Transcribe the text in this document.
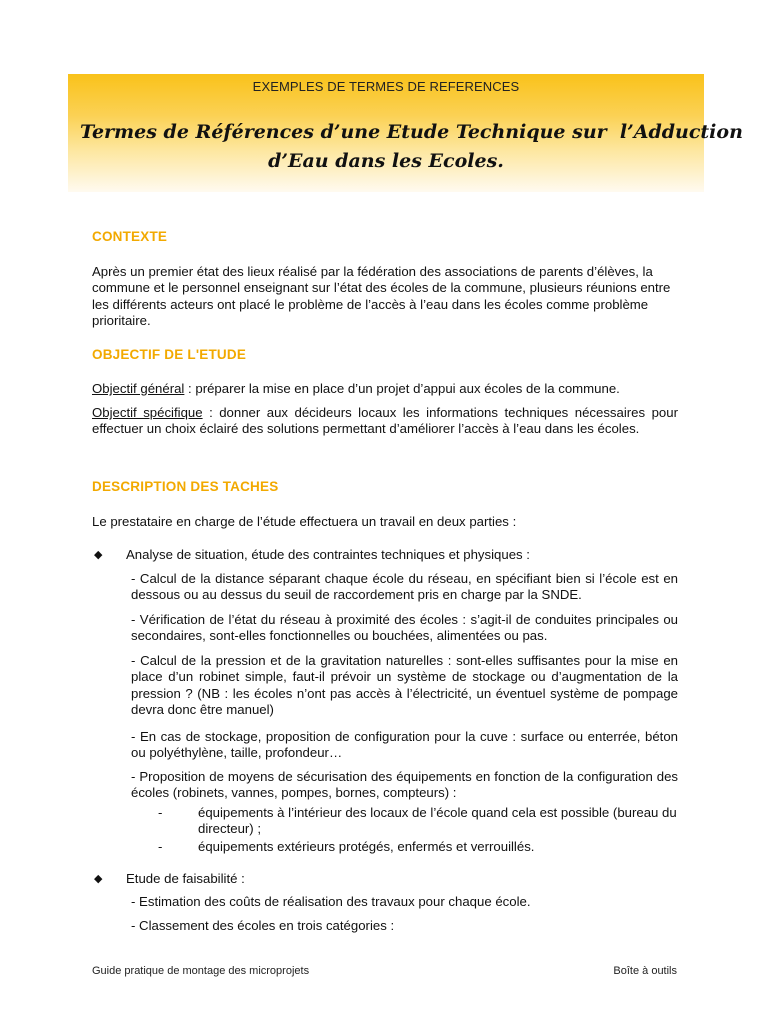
EXEMPLES DE TERMES DE REFERENCES
Termes de Références d’une Etude Technique sur  l’Adduction
d’Eau dans les Ecoles.
CONTEXTE
Après un premier état des lieux réalisé par la fédération des associations de parents d’élèves, la commune et le personnel enseignant sur l’état des écoles de la commune, plusieurs réunions entre les différents acteurs ont placé le problème de l’accès à l’eau dans les écoles comme problème prioritaire.
OBJECTIF DE L'ETUDE
Objectif général : préparer la mise en place d’un projet d’appui aux écoles de la commune.
Objectif spécifique : donner aux décideurs locaux les informations techniques nécessaires pour effectuer un choix éclairé des solutions permettant d’améliorer l’accès à l’eau dans les écoles.
DESCRIPTION DES TACHES
Le prestataire en charge de l’étude effectuera un travail en deux parties :
◆ Analyse de situation, étude des contraintes techniques et physiques :
- Calcul de la distance séparant chaque école du réseau, en spécifiant bien si l’école est en dessous ou au dessus du seuil de raccordement pris en charge par la SNDE.
- Vérification de l’état du réseau à proximité des écoles : s’agit-il de conduites principales ou secondaires, sont-elles fonctionnelles ou bouchées, alimentées ou pas.
- Calcul de la pression et de la gravitation naturelles : sont-elles suffisantes pour la mise en place d’un robinet simple, faut-il prévoir un système de stockage ou d’augmentation de la pression ? (NB : les écoles n’ont pas accès à l’électricité, un éventuel système de pompage devra donc être manuel)
- En cas de stockage, proposition de configuration pour la cuve : surface ou enterrée, béton ou polyéthylène, taille, profondeur…
- Proposition de moyens de sécurisation des équipements en fonction de la configuration des écoles (robinets, vannes, pompes, bornes, compteurs) :
-	équipements à l’intérieur des locaux de l’école quand cela est possible (bureau du directeur) ;
-	équipements extérieurs protégés, enfermés et verrouillés.
◆ Etude de faisabilité :
- Estimation des coûts de réalisation des travaux pour chaque école.
- Classement des écoles en trois catégories :
Guide pratique de montage des microprojets	Boîte à outils
